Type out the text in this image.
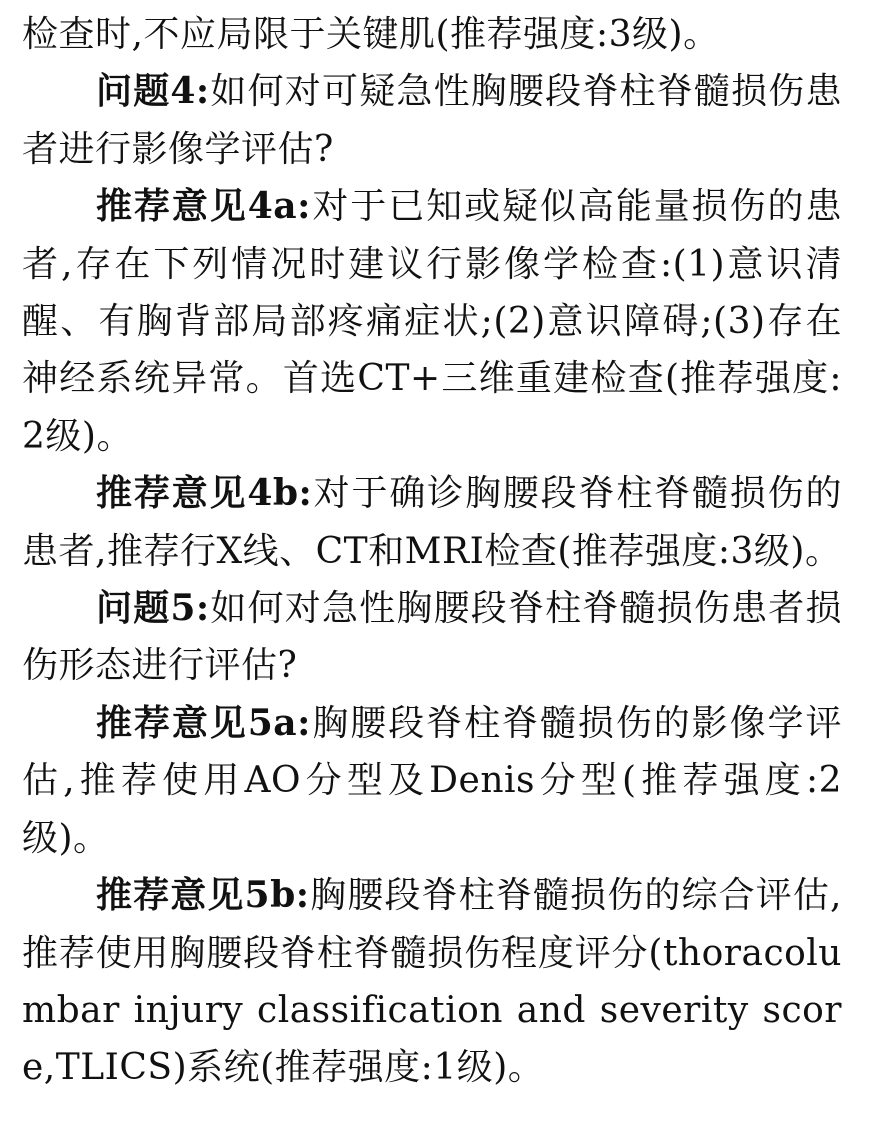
检查时,不应局限于关键肌(推荐强度:3级)。

问题4:如何对可疑急性胸腰段脊柱脊髓损伤患者进行影像学评估?

推荐意见4a:对于已知或疑似高能量损伤的患者,存在下列情况时建议行影像学检查:(1)意识清醒、有胸背部局部疼痛症状;(2)意识障碍;(3)存在神经系统异常。首选CT+三维重建检查(推荐强度:2级)。

推荐意见4b:对于确诊胸腰段脊柱脊髓损伤的患者,推荐行X线、CT和MRI检查(推荐强度:3级)。

问题5:如何对急性胸腰段脊柱脊髓损伤患者损伤形态进行评估?

推荐意见5a:胸腰段脊柱脊髓损伤的影像学评估,推荐使用AO分型及Denis分型(推荐强度:2级)。

推荐意见5b:胸腰段脊柱脊髓损伤的综合评估,推荐使用胸腰段脊柱脊髓损伤程度评分(thoracolumbar injury classification and severity score,TLICS)系统(推荐强度:1级)。
